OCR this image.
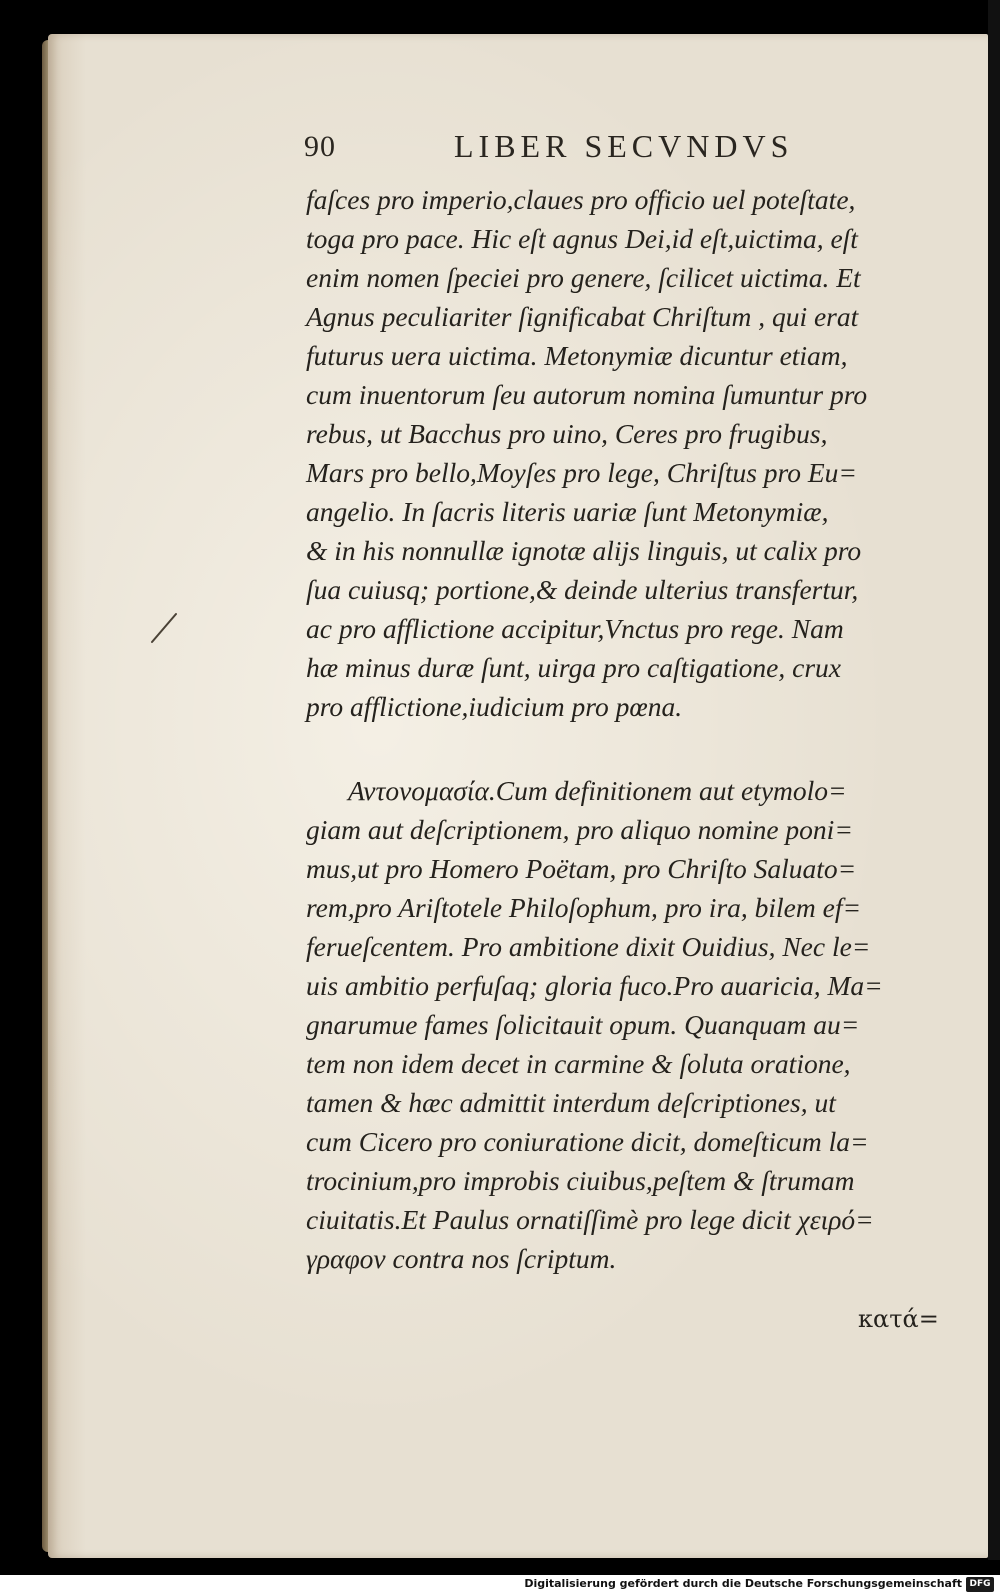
90	LIBER SECVNDVS
faſces pro imperio,claues pro officio uel poteſtate,
toga pro pace. Hic eſt agnus Dei,id eſt,uictima, eſt
enim nomen ſpeciei pro genere, ſcilicet uictima. Et
Agnus peculiariter ſignificabat Chriſtum , qui erat
futurus uera uictima. Metonymiæ dicuntur etiam,
cum inuentorum ſeu autorum nomina ſumuntur pro
rebus, ut Bacchus pro uino, Ceres pro frugibus,
Mars pro bello,Moyſes pro lege, Chriſtus pro Eu=
angelio. In ſacris literis uariæ ſunt Metonymiæ,
& in his nonnullæ ignotæ alijs linguis, ut calix pro
ſua cuiusq; portione,& deinde ulterius transfertur,
ac pro afflictione accipitur,Vnctus pro rege. Nam
hæ minus duræ ſunt, uirga pro caſtigatione, crux
pro afflictione,iudicium pro pœna.
Αντονομασία.Cum definitionem aut etymolo=
giam aut deſcriptionem, pro aliquo nomine poni=
mus,ut pro Homero Poëtam, pro Chriſto Saluato=
rem,pro Ariſtotele Philoſophum, pro ira, bilem ef=
ferueſcentem. Pro ambitione dixit Ouidius, Nec le=
uis ambitio perfuſaq; gloria fuco.Pro auaricia, Ma=
gnarumue fames ſolicitauit opum. Quanquam au=
tem non idem decet in carmine & ſoluta oratione,
tamen & hæc admittit interdum deſcriptiones, ut
cum Cicero pro coniuratione dicit, domeſticum la=
trocinium,pro improbis ciuibus,peſtem & ſtrumam
ciuitatis.Et Paulus ornatiſſimè pro lege dicit χειρό=
γραφον contra nos ſcriptum.
κατά=
Digitalisierung gefördert durch die Deutsche Forschungsgemeinschaft DFG
